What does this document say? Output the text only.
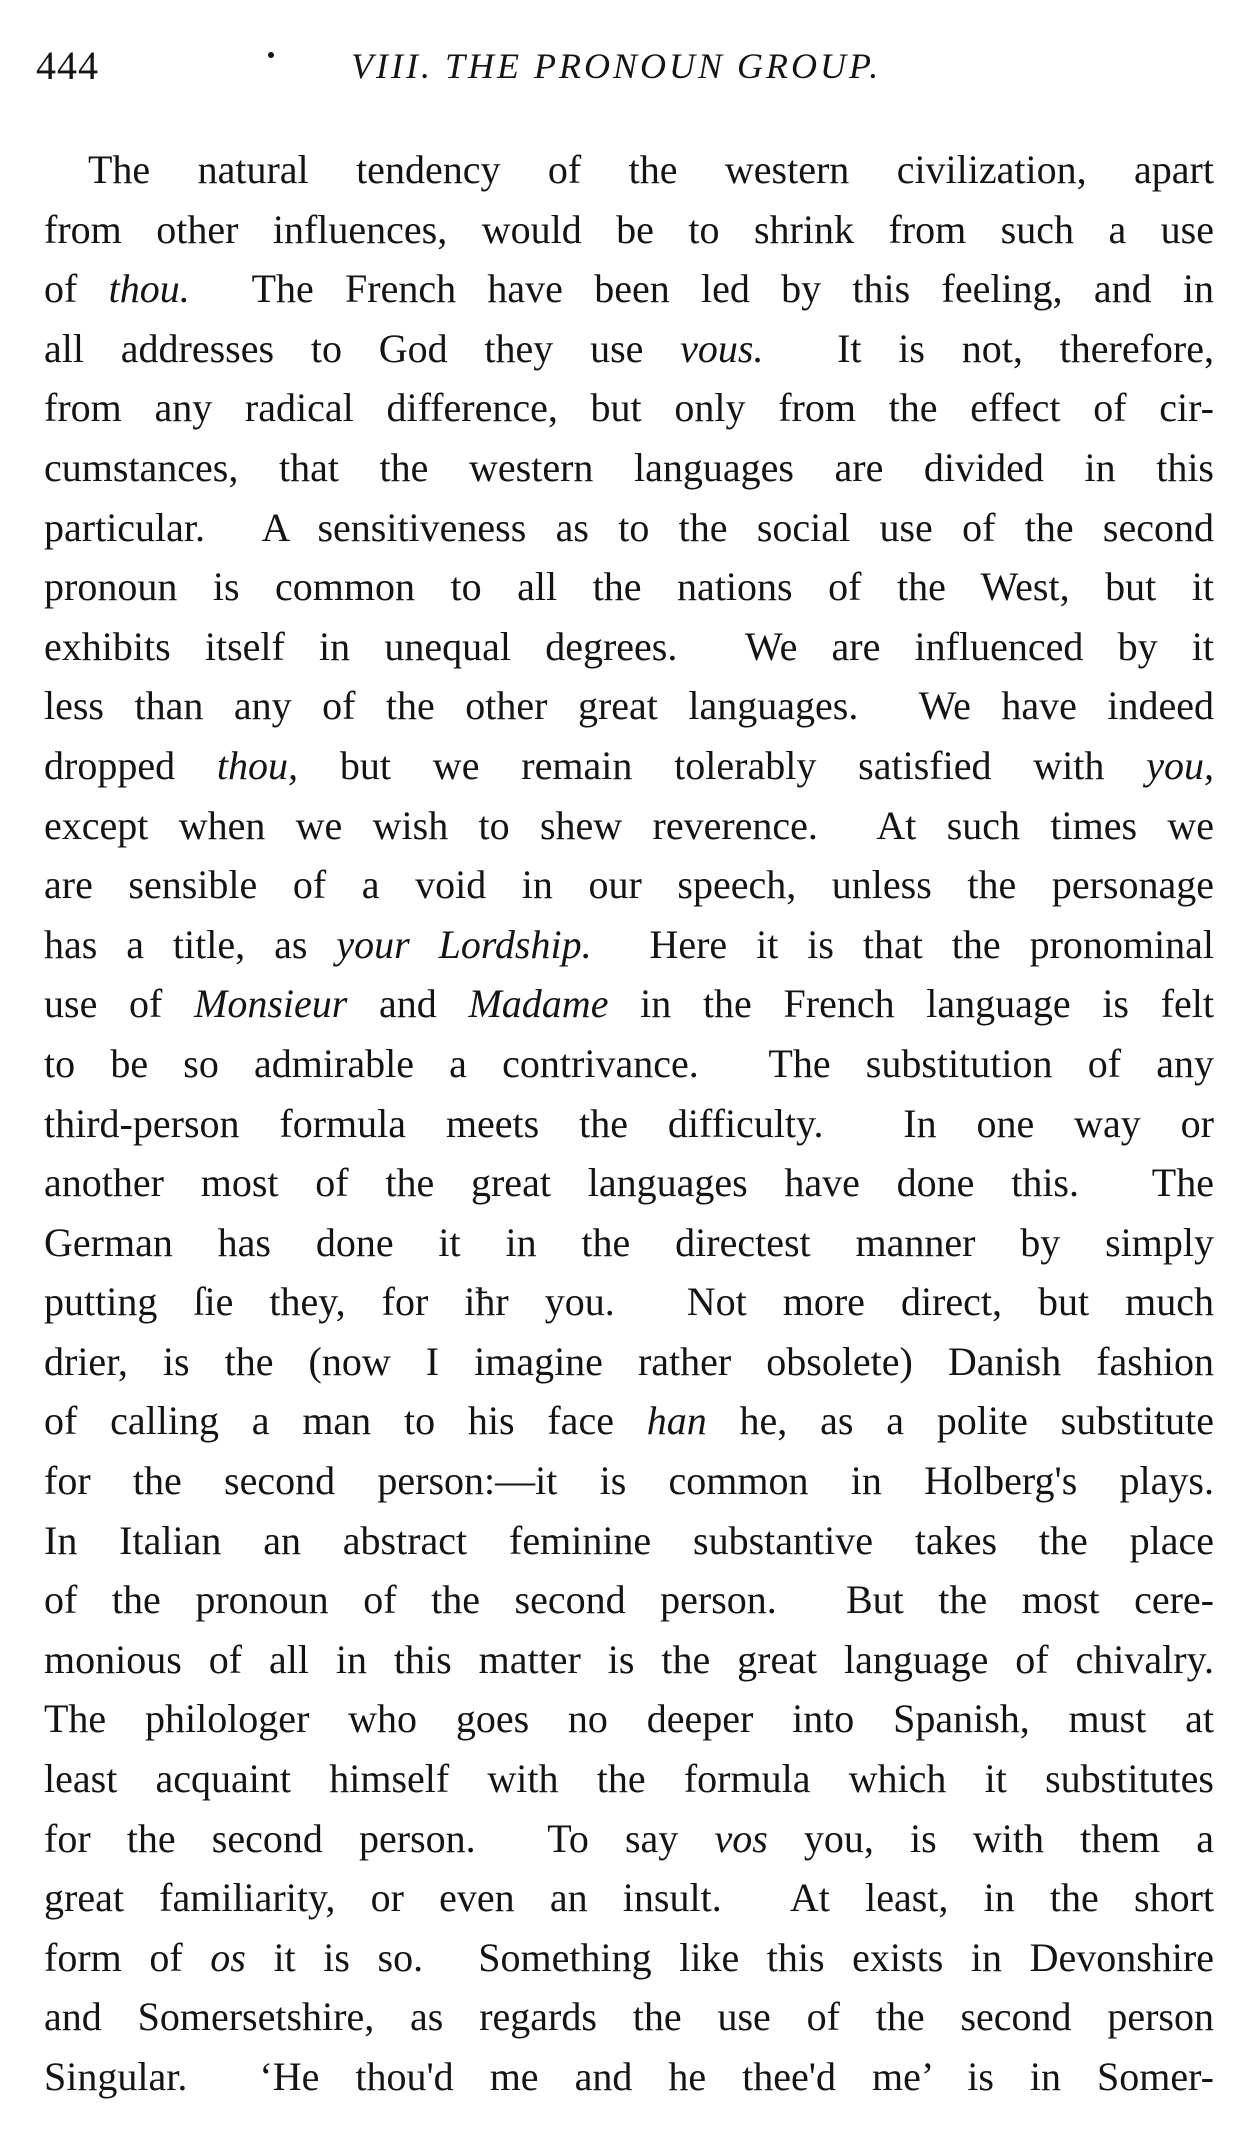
444	VIII. THE PRONOUN GROUP.
The natural tendency of the western civilization, apart
from other influences, would be to shrink from such a use
of thou.  The French have been led by this feeling, and in
all addresses to God they use vous.  It is not, therefore,
from any radical difference, but only from the effect of cir-
cumstances, that the western languages are divided in this
particular.  A sensitiveness as to the social use of the second
pronoun is common to all the nations of the West, but it
exhibits itself in unequal degrees.  We are influenced by it
less than any of the other great languages.  We have indeed
dropped thou, but we remain tolerably satisfied with you,
except when we wish to shew reverence.  At such times we
are sensible of a void in our speech, unless the personage
has a title, as your Lordship.  Here it is that the pronominal
use of Monsieur and Madame in the French language is felt
to be so admirable a contrivance.  The substitution of any
third-person formula meets the difficulty.  In one way or
another most of the great languages have done this.  The
German has done it in the directest manner by simply
putting ſie they, for iħr you.  Not more direct, but much
drier, is the (now I imagine rather obsolete) Danish fashion
of calling a man to his face han he, as a polite substitute
for the second person:—it is common in Holberg's plays.
In Italian an abstract feminine substantive takes the place
of the pronoun of the second person.  But the most cere-
monious of all in this matter is the great language of chivalry.
The philologer who goes no deeper into Spanish, must at
least acquaint himself with the formula which it substitutes
for the second person.  To say vos you, is with them a
great familiarity, or even an insult.  At least, in the short
form of os it is so.  Something like this exists in Devonshire
and Somersetshire, as regards the use of the second person
Singular.  ‘He thou'd me and he thee'd me’ is in Somer-
